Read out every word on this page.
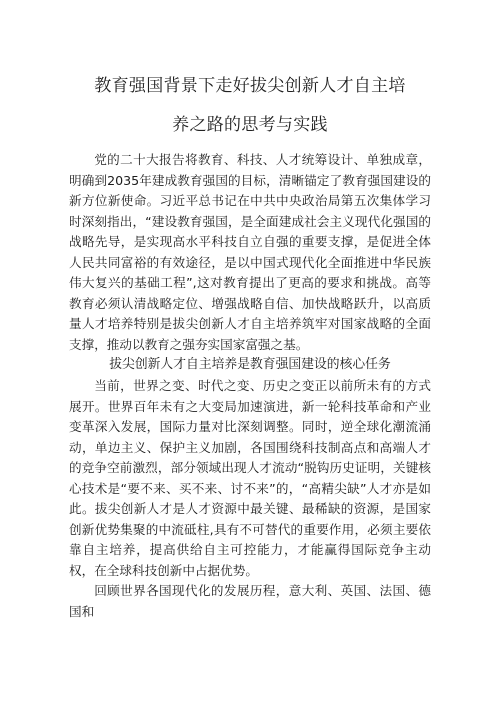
教育强国背景下走好拔尖创新人才自主培
养之路的思考与实践

党的二十大报告将教育、科技、人才统筹设计、单独成章，明确到2035年建成教育强国的目标，清晰锚定了教育强国建设的新方位新使命。习近平总书记在中共中央政治局第五次集体学习时深刻指出，“建设教育强国，是全面建成社会主义现代化强国的战略先导，是实现高水平科技自立自强的重要支撑，是促进全体人民共同富裕的有效途径，是以中国式现代化全面推进中华民族伟大复兴的基础工程”,这对教育提出了更高的要求和挑战。高等教育必须认清战略定位、增强战略自信、加快战略跃升，以高质量人才培养特别是拔尖创新人才自主培养筑牢对国家战略的全面支撑，推动以教育之强夯实国家富强之基。

拔尖创新人才自主培养是教育强国建设的核心任务

当前，世界之变、时代之变、历史之变正以前所未有的方式展开。世界百年未有之大变局加速演进，新一轮科技革命和产业变革深入发展，国际力量对比深刻调整。同时，逆全球化潮流涌动，单边主义、保护主义加剧，各国围绕科技制高点和高端人才的竞争空前激烈，部分领域出现人才流动“脱钩历史证明，关键核心技术是“要不来、买不来、讨不来”的，“高精尖缺”人才亦是如此。拔尖创新人才是人才资源中最关键、最稀缺的资源，是国家创新优势集聚的中流砥柱,具有不可替代的重要作用，必须主要依靠自主培养，提高供给自主可控能力，才能赢得国际竞争主动权，在全球科技创新中占据优势。

回顾世界各国现代化的发展历程，意大利、英国、法国、德国和
